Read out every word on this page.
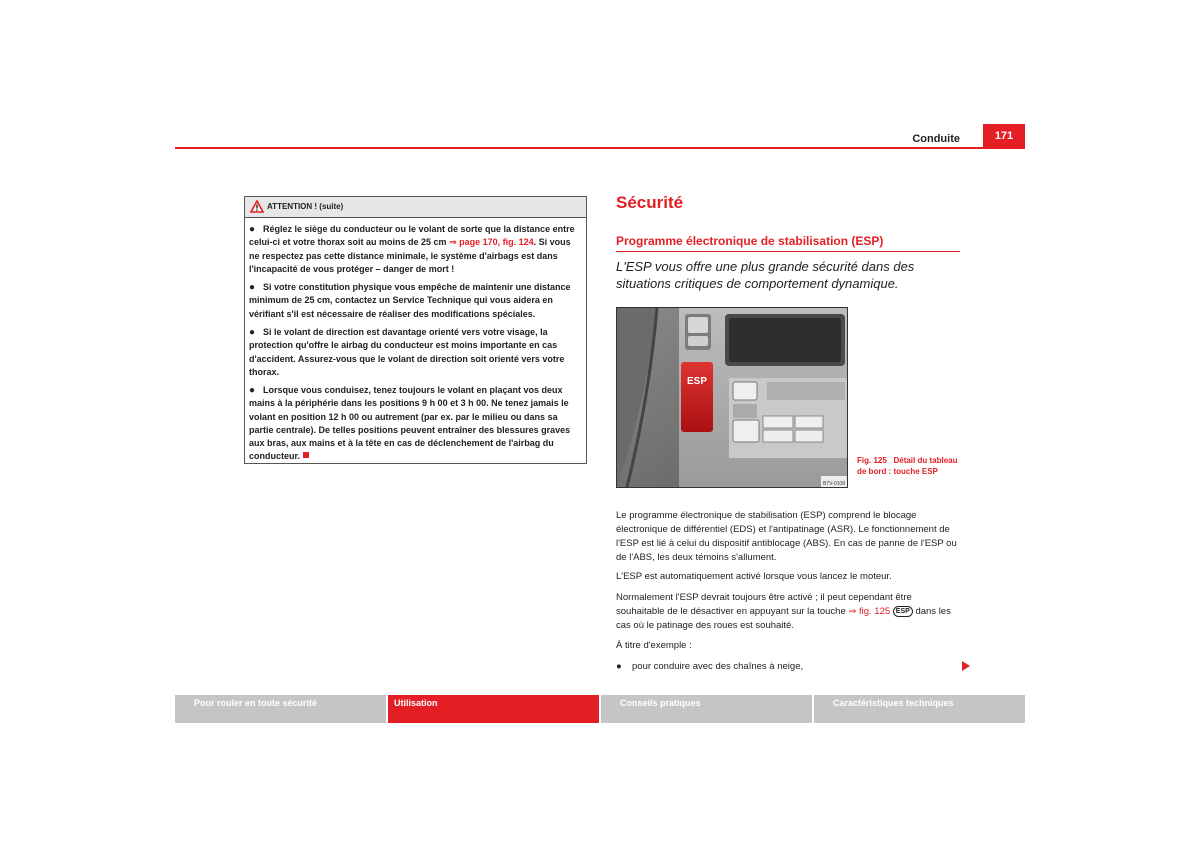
Conduite	171
ATTENTION ! (suite)
● Réglez le siège du conducteur ou le volant de sorte que la distance entre celui-ci et votre thorax soit au moins de 25 cm ⇒ page 170, fig. 124. Si vous ne respectez pas cette distance minimale, le système d'airbags est dans l'incapacité de vous protéger – danger de mort !
● Si votre constitution physique vous empêche de maintenir une distance minimum de 25 cm, contactez un Service Technique qui vous aidera en vérifiant s'il est nécessaire de réaliser des modifications spéciales.
● Si le volant de direction est davantage orienté vers votre visage, la protection qu'offre le airbag du conducteur est moins importante en cas d'accident. Assurez-vous que le volant de direction soit orienté vers votre thorax.
● Lorsque vous conduisez, tenez toujours le volant en plaçant vos deux mains à la périphérie dans les positions 9 h 00 et 3 h 00. Ne tenez jamais le volant en position 12 h 00 ou autrement (par ex. par le milieu ou dans sa partie centrale). De telles positions peuvent entraîner des blessures graves aux bras, aux mains et à la tête en cas de déclenchement de l'airbag du conducteur.
Sécurité
Programme électronique de stabilisation (ESP)
L'ESP vous offre une plus grande sécurité dans des situations critiques de comportement dynamique.
ESP
B7V-0108
Fig. 125 Détail du tableau de bord : touche ESP
Le programme électronique de stabilisation (ESP) comprend le blocage électronique de différentiel (EDS) et l'antipatinage (ASR). Le fonctionnement de l'ESP est lié à celui du dispositif antiblocage (ABS). En cas de panne de l'ESP ou de l'ABS, les deux témoins s'allument.
L'ESP est automatiquement activé lorsque vous lancez le moteur.
Normalement l'ESP devrait toujours être activé ; il peut cependant être souhaitable de le désactiver en appuyant sur la touche ⇒ fig. 125 ESP dans les cas où le patinage des roues est souhaité.
À titre d'exemple :
● pour conduire avec des chaînes à neige,
Pour rouler en toute sécurité	Utilisation	Conseils pratiques	Caractéristiques techniques
